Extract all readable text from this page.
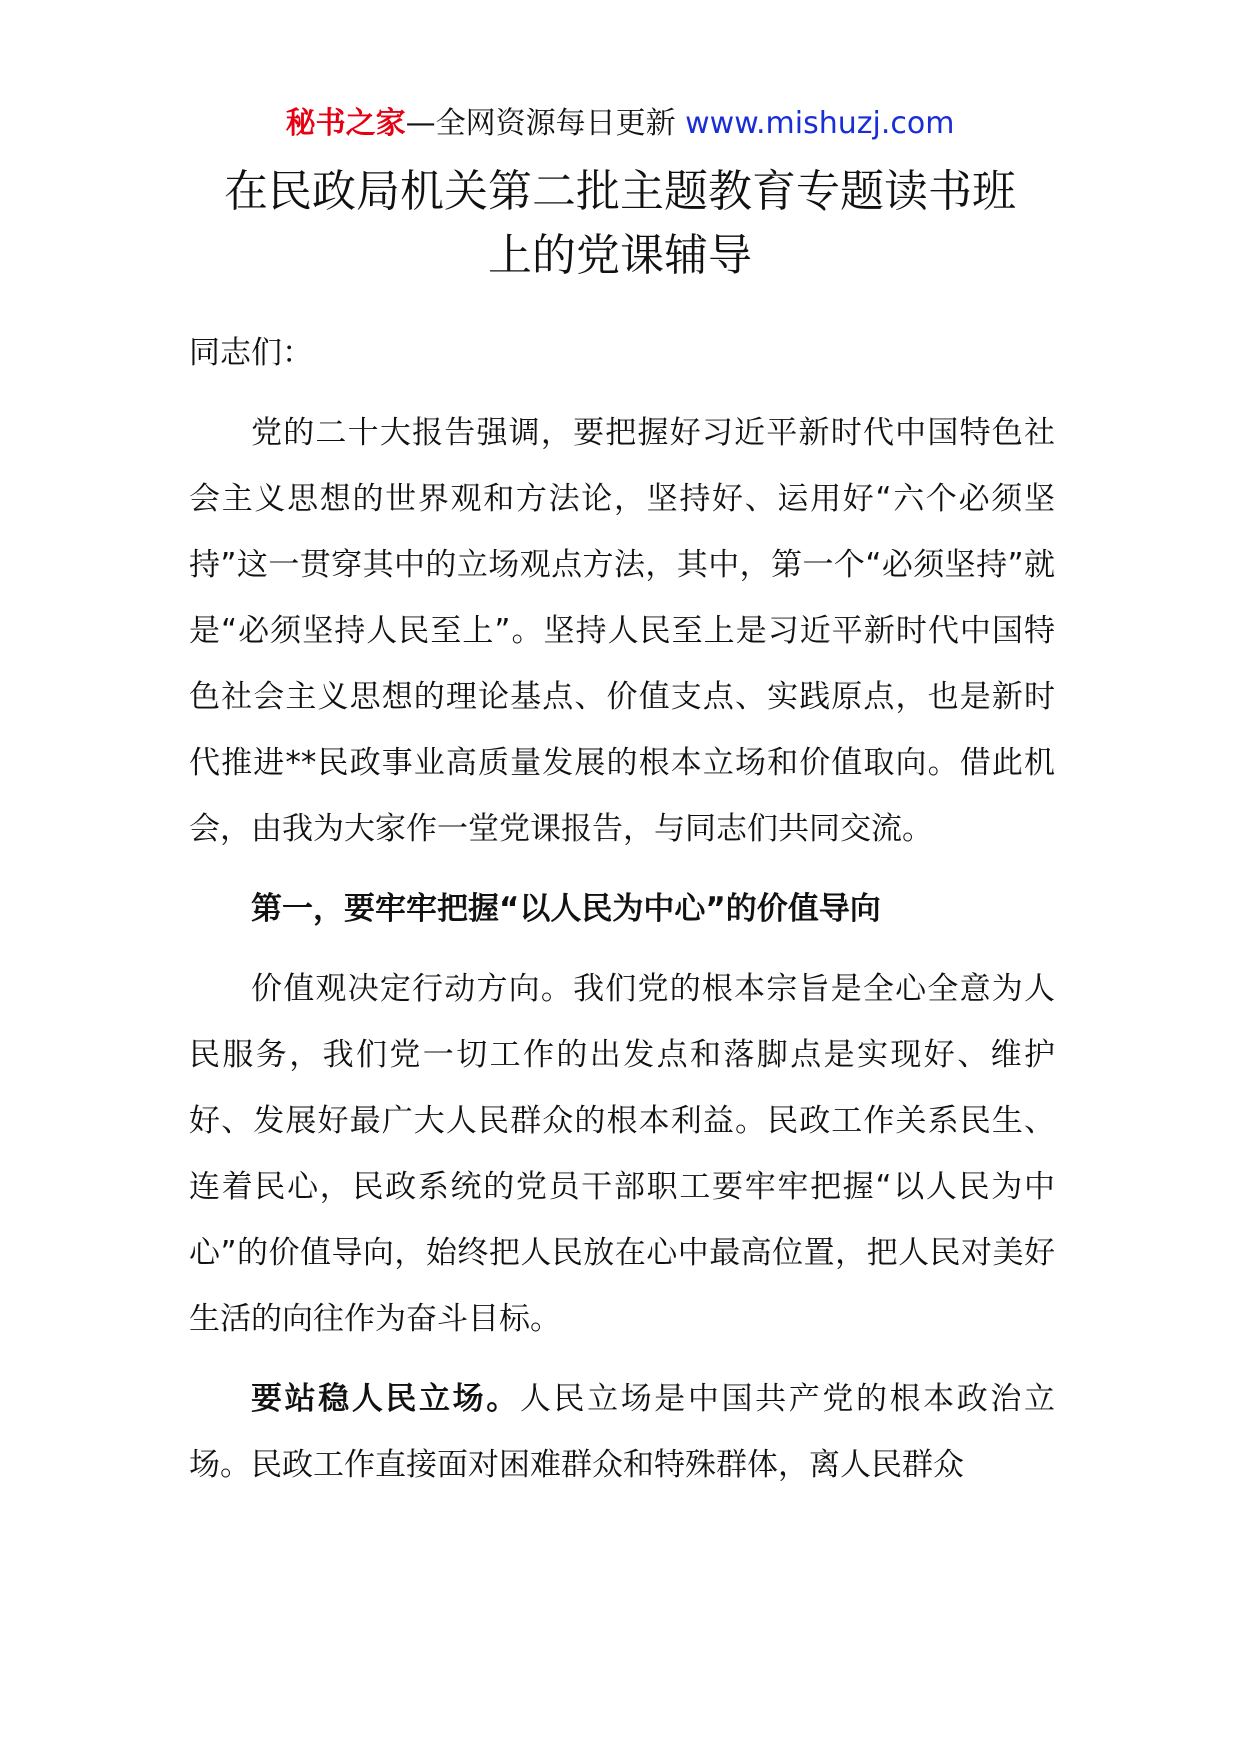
秘书之家—全网资源每日更新 www.mishuzj.com
在民政局机关第二批主题教育专题读书班
上的党课辅导

同志们：

党的二十大报告强调，要把握好习近平新时代中国特色社会主义思想的世界观和方法论，坚持好、运用好“六个必须坚持”这一贯穿其中的立场观点方法，其中，第一个“必须坚持”就是“必须坚持人民至上”。坚持人民至上是习近平新时代中国特色社会主义思想的理论基点、价值支点、实践原点，也是新时代推进**民政事业高质量发展的根本立场和价值取向。借此机会，由我为大家作一堂党课报告，与同志们共同交流。

第一，要牢牢把握“以人民为中心”的价值导向

价值观决定行动方向。我们党的根本宗旨是全心全意为人民服务，我们党一切工作的出发点和落脚点是实现好、维护好、发展好最广大人民群众的根本利益。民政工作关系民生、连着民心，民政系统的党员干部职工要牢牢把握“以人民为中心”的价值导向，始终把人民放在心中最高位置，把人民对美好生活的向往作为奋斗目标。

要站稳人民立场。人民立场是中国共产党的根本政治立场。民政工作直接面对困难群众和特殊群体，离人民群众
